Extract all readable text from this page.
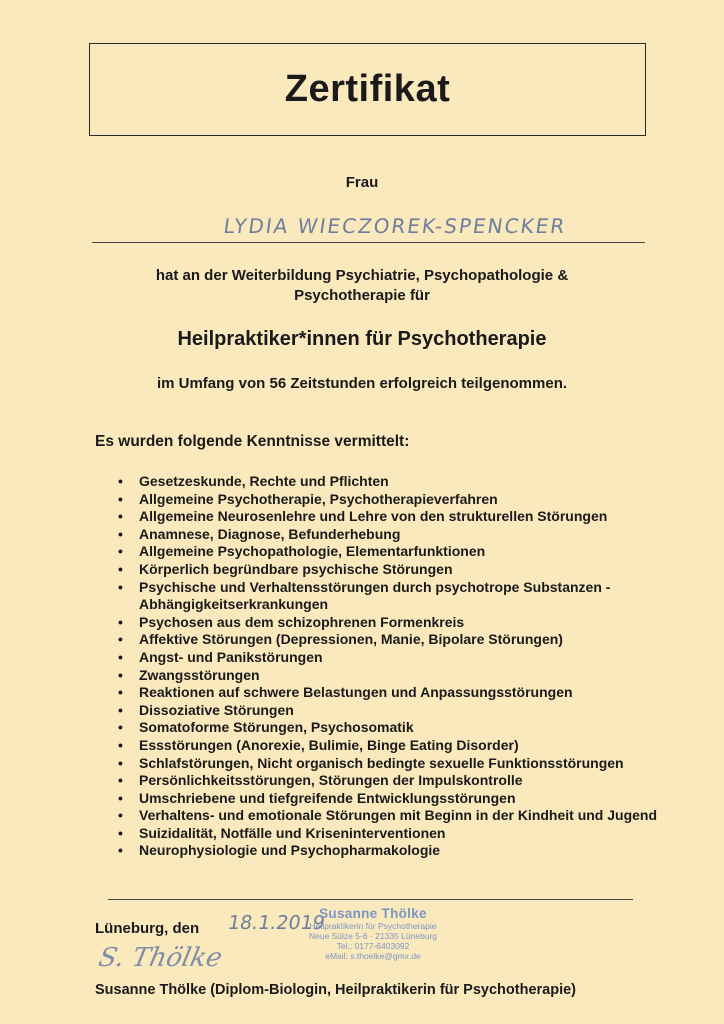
Zertifikat
Frau
LYDIA WIECZOREK-SPENCKER
hat an der Weiterbildung Psychiatrie, Psychopathologie &
Psychotherapie für
Heilpraktiker*innen für Psychotherapie
im Umfang von 56 Zeitstunden erfolgreich teilgenommen.
Es wurden folgende Kenntnisse vermittelt:
• Gesetzeskunde, Rechte und Pflichten
• Allgemeine Psychotherapie, Psychotherapieverfahren
• Allgemeine Neurosenlehre und Lehre von den strukturellen Störungen
• Anamnese, Diagnose, Befunderhebung
• Allgemeine Psychopathologie, Elementarfunktionen
• Körperlich begründbare psychische Störungen
• Psychische und Verhaltensstörungen durch psychotrope Substanzen - Abhängigkeitserkrankungen
• Psychosen aus dem schizophrenen Formenkreis
• Affektive Störungen (Depressionen, Manie, Bipolare Störungen)
• Angst- und Panikstörungen
• Zwangsstörungen
• Reaktionen auf schwere Belastungen und Anpassungsstörungen
• Dissoziative Störungen
• Somatoforme Störungen, Psychosomatik
• Essstörungen (Anorexie, Bulimie, Binge Eating Disorder)
• Schlafstörungen, Nicht organisch bedingte sexuelle Funktionsstörungen
• Persönlichkeitsstörungen, Störungen der Impulskontrolle
• Umschriebene und tiefgreifende Entwicklungsstörungen
• Verhaltens- und emotionale Störungen mit Beginn in der Kindheit und Jugend
• Suizidalität, Notfälle und Kriseninterventionen
• Neurophysiologie und Psychopharmakologie
Lüneburg, den 18.1.2019
Susanne Thölke
Heilpraktikerin für Psychotherapie
Neue Sülze 5-6 · 21335 Lüneburg
Tel.: 0177-6403092
eMail: s.thoelke@gmx.de
S. Thölke
Susanne Thölke (Diplom-Biologin, Heilpraktikerin für Psychotherapie)
